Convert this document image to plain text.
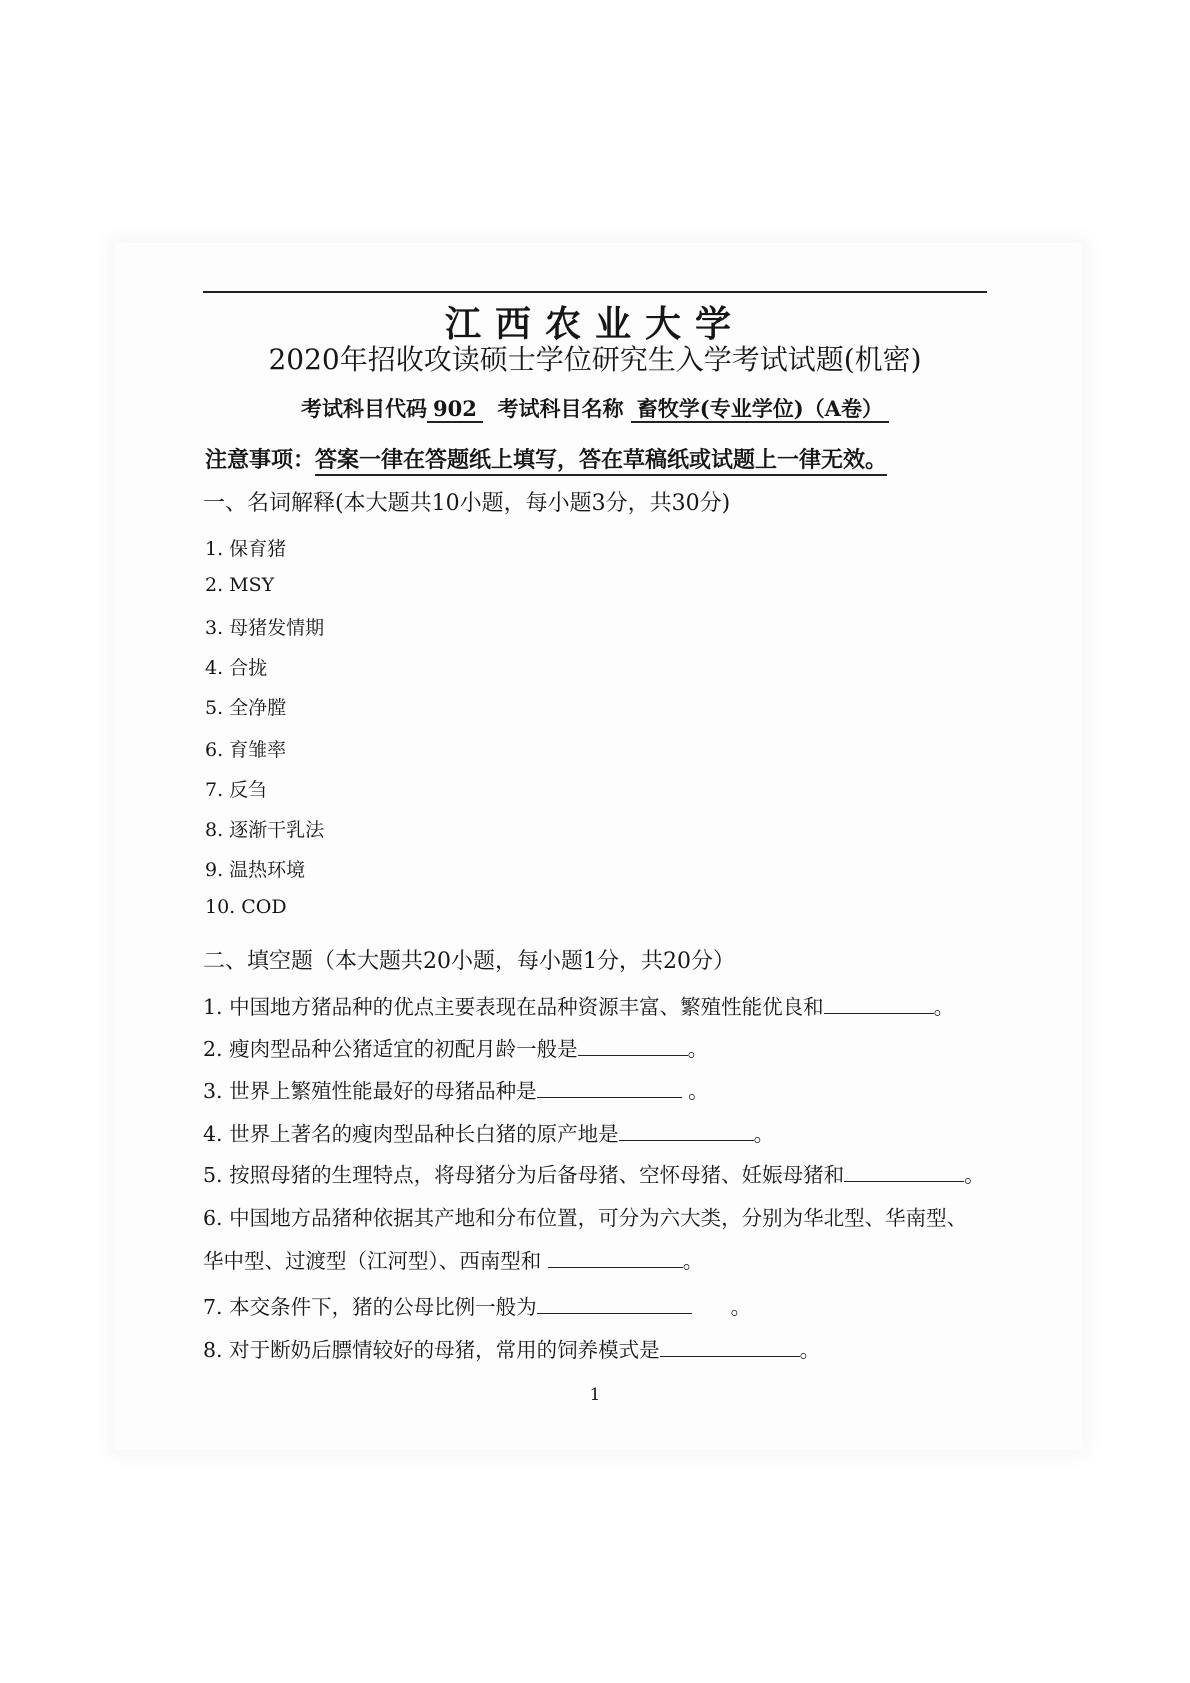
江西农业大学
2020年招收攻读硕士学位研究生入学考试试题(机密)
考试科目代码 902 考试科目名称 畜牧学(专业学位)（A卷）
注意事项：答案一律在答题纸上填写，答在草稿纸或试题上一律无效。
一、名词解释(本大题共10小题，每小题3分，共30分)
1. 保育猪
2. MSY
3. 母猪发情期
4. 合拢
5. 全净膛
6. 育雏率
7. 反刍
8. 逐渐干乳法
9. 温热环境
10. COD
二、填空题（本大题共20小题，每小题1分，共20分）
1. 中国地方猪品种的优点主要表现在品种资源丰富、繁殖性能优良和	。
2. 瘦肉型品种公猪适宜的初配月龄一般是	。
3. 世界上繁殖性能最好的母猪品种是	。
4. 世界上著名的瘦肉型品种长白猪的原产地是	。
5. 按照母猪的生理特点，将母猪分为后备母猪、空怀母猪、妊娠母猪和	。
6. 中国地方品猪种依据其产地和分布位置，可分为六大类，分别为华北型、华南型、
华中型、过渡型（江河型）、西南型和	。
7. 本交条件下，猪的公母比例一般为	。
8. 对于断奶后膘情较好的母猪，常用的饲养模式是	。
1
